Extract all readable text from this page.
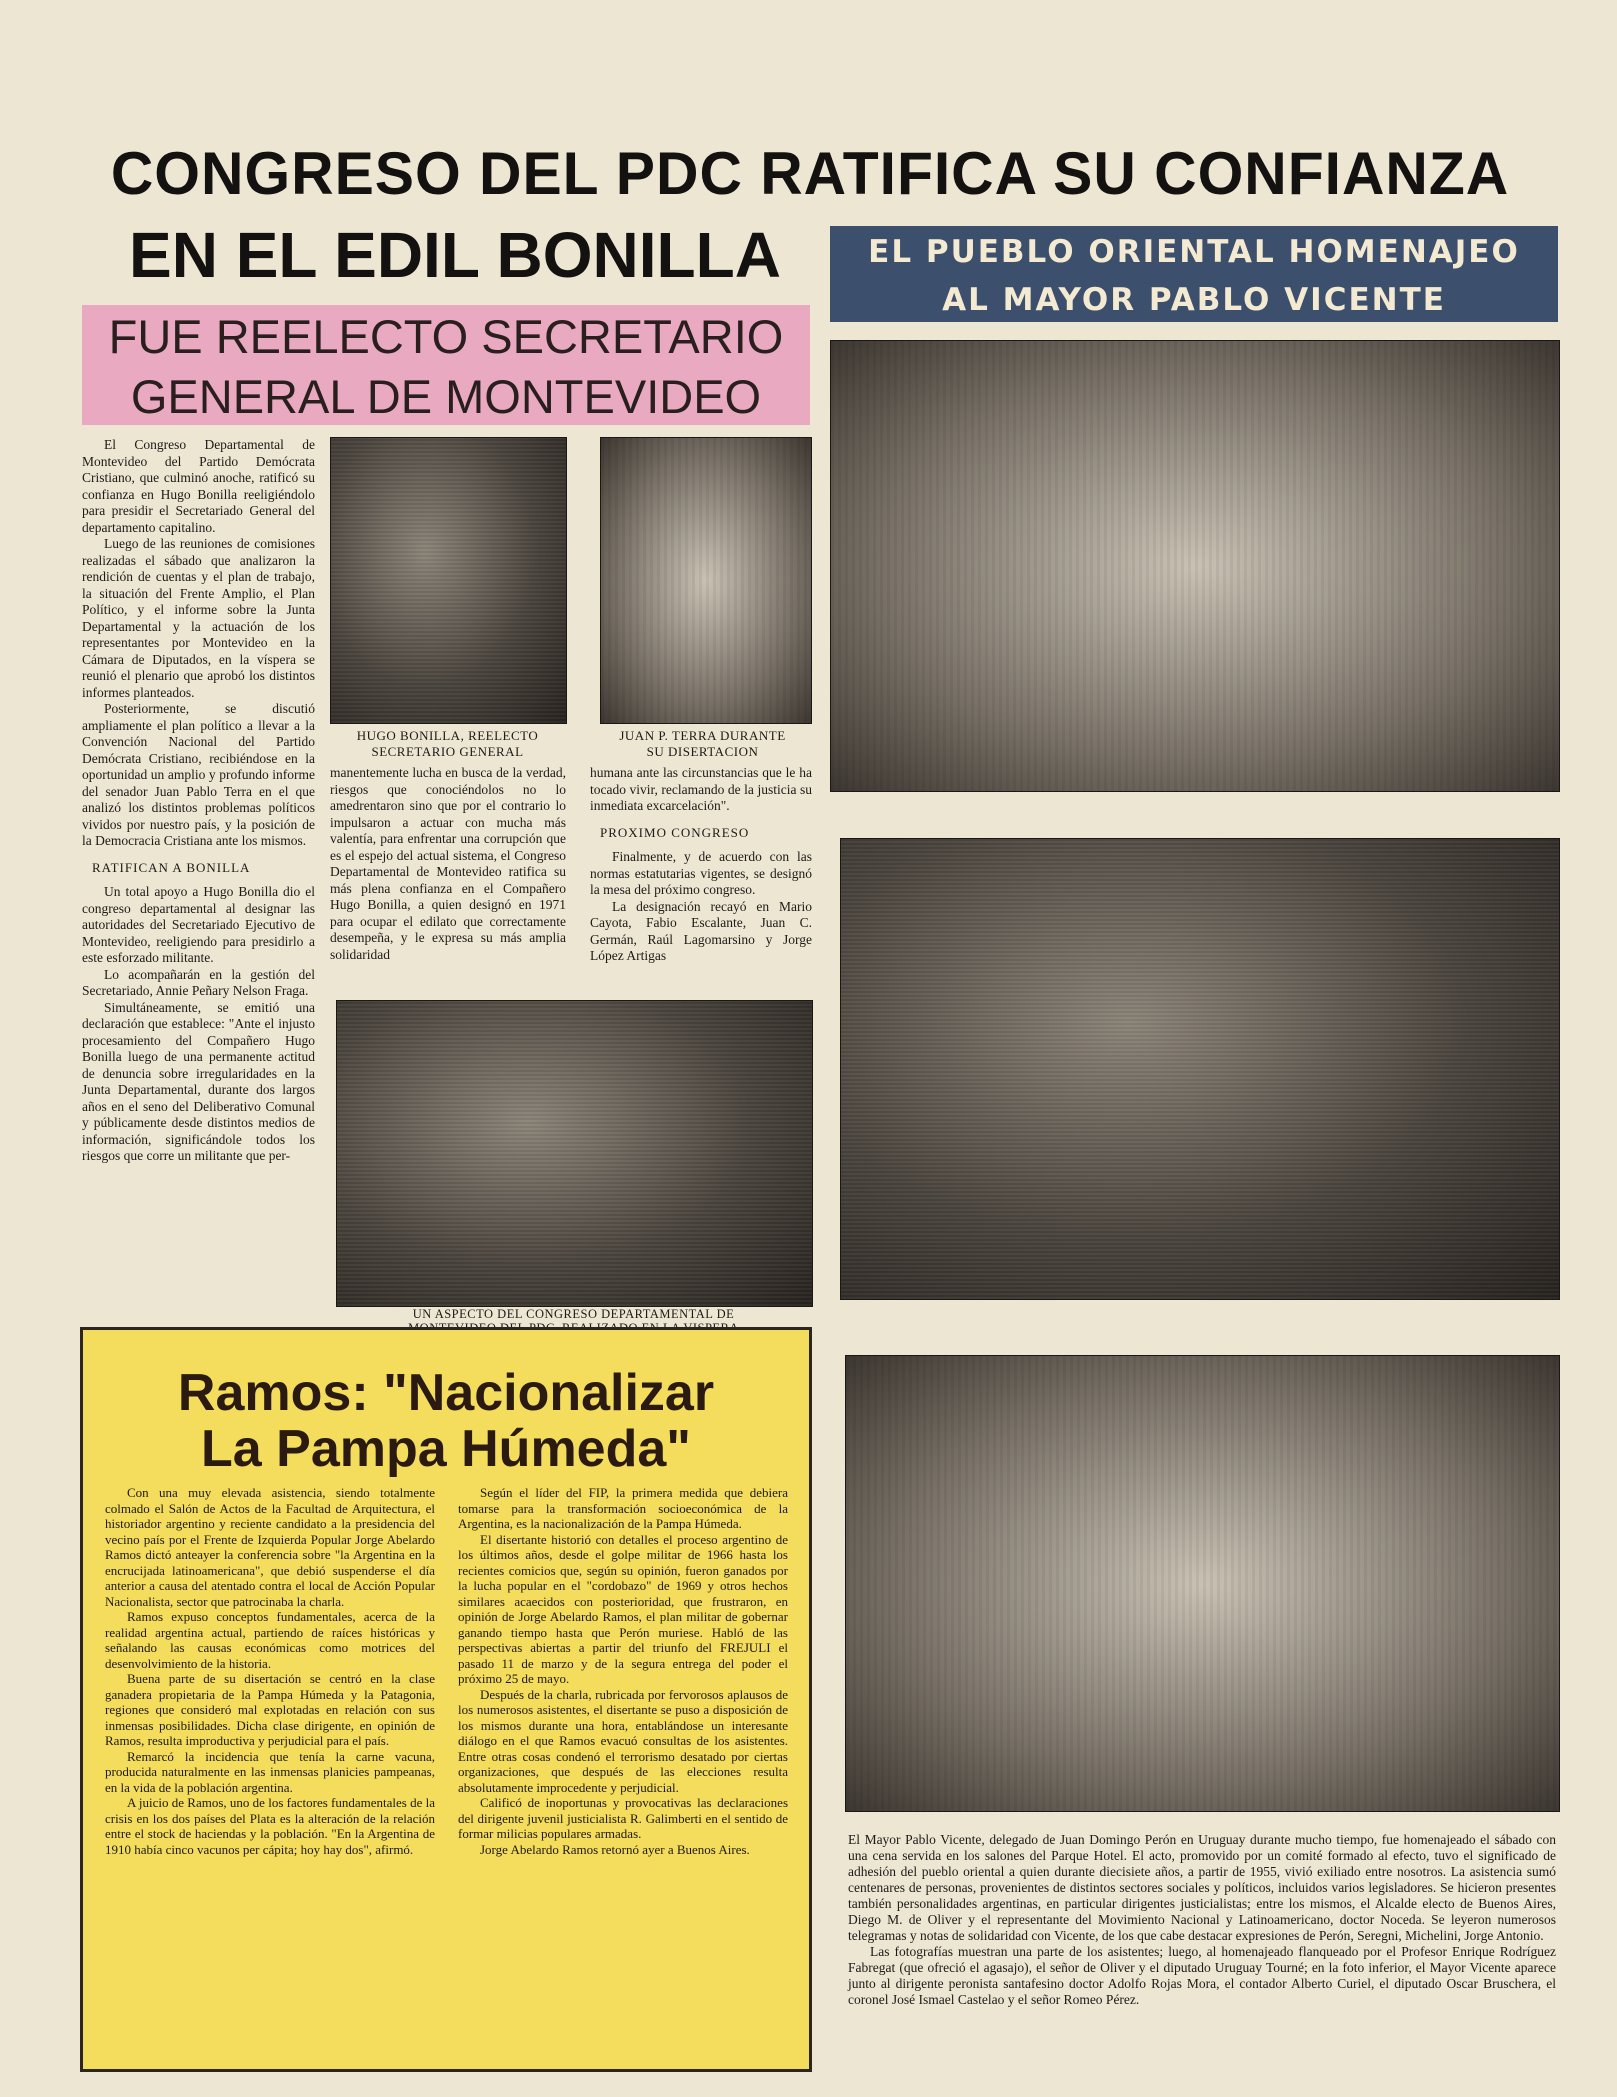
CONGRESO DEL PDC RATIFICA SU CONFIANZA
EN EL EDIL BONILLA
FUE REELECTO SECRETARIO
GENERAL DE MONTEVIDEO
EL PUEBLO ORIENTAL HOMENAJEO
AL MAYOR PABLO VICENTE

El Congreso Departamental de Montevideo del Partido Demócrata Cristiano, que culminó anoche, ratificó su confianza en Hugo Bonilla reeligiéndolo para presidir el Secretariado General del departamento capitalino.

Luego de las reuniones de comisiones realizadas el sábado que analizaron la rendición de cuentas y el plan de trabajo, la situación del Frente Amplio, el Plan Político, y el informe sobre la Junta Departamental y la actuación de los representantes por Montevideo en la Cámara de Diputados, en la víspera se reunió el plenario que aprobó los distintos informes planteados.

Posteriormente, se discutió ampliamente el plan político a llevar a la Convención Nacional del Partido Demócrata Cristiano, recibiéndose en la oportunidad un amplio y profundo informe del senador Juan Pablo Terra en el que analizó los distintos problemas políticos vividos por nuestro país, y la posición de la Democracia Cristiana ante los mismos.

RATIFICAN A BONILLA

Un total apoyo a Hugo Bonilla dio el congreso departamental al designar las autoridades del Secretariado Ejecutivo de Montevideo, reeligiendo para presidirlo a este esforzado militante.

Lo acompañarán en la gestión del Secretariado, Annie Peñary Nelson Fraga.

Simultáneamente, se emitió una declaración que establece: "Ante el injusto procesamiento del Compañero Hugo Bonilla luego de una permanente actitud de denuncia sobre irregularidades en la Junta Departamental, durante dos largos años en el seno del Deliberativo Comunal y públicamente desde distintos medios de información, significándole todos los riesgos que corre un militante que per-

HUGO BONILLA, REELECTO
SECRETARIO GENERAL
JUAN P. TERRA DURANTE
SU DISERTACION

manentemente lucha en busca de la verdad, riesgos que conociéndolos no lo amedrentaron sino que por el contrario lo impulsaron a actuar con mucha más valentía, para enfrentar una corrupción que es el espejo del actual sistema, el Congreso Departamental de Montevideo ratifica su más plena confianza en el Compañero Hugo Bonilla, a quien designó en 1971 para ocupar el edilato que correctamente desempeña, y le expresa su más amplia solidaridad

humana ante las circunstancias que le ha tocado vivir, reclamando de la justicia su inmediata excarcelación".

PROXIMO CONGRESO

Finalmente, y de acuerdo con las normas estatutarias vigentes, se designó la mesa del próximo congreso.

La designación recayó en Mario Cayota, Fabio Escalante, Juan C. Germán, Raúl Lagomarsino y Jorge López Artigas

UN ASPECTO DEL CONGRESO DEPARTAMENTAL DE

El Mayor Pablo Vicente, delegado de Juan Domingo Perón en Uruguay durante mucho tiempo, fue homenajeado el sábado con una cena servida en los salones del Parque Hotel. El acto, promovido por un comité formado al efecto, tuvo el significado de adhesión del pueblo oriental a quien durante diecisiete años, a partir de 1955, vivió exiliado entre nosotros. La asistencia sumó centenares de personas, provenientes de distintos sectores sociales y políticos, incluidos varios legisladores. Se hicieron presentes también personalidades argentinas, en particular dirigentes justicialistas; entre los mismos, el Alcalde electo de Buenos Aires, Diego M. de Oliver y el representante del Movimiento Nacional y Latinoamericano, doctor Noceda. Se leyeron numerosos telegramas y notas de solidaridad con Vicente, de los que cabe destacar expresiones de Perón, Seregni, Michelini, Jorge Antonio.

Las fotografías muestran una parte de los asistentes; luego, al homenajeado flanqueado por el Profesor Enrique Rodríguez Fabregat (que ofreció el agasajo), el señor de Oliver y el diputado Uruguay Tourné; en la foto inferior, el Mayor Vicente aparece junto al dirigente peronista santafesino doctor Adolfo Rojas Mora, el contador Alberto Curiel, el diputado Oscar Bruschera, el coronel José Ismael Castelao y el señor Romeo Pérez.

Ramos: "Nacionalizar
La Pampa Húmeda"

Con una muy elevada asistencia, siendo totalmente colmado el Salón de Actos de la Facultad de Arquitectura, el historiador argentino y reciente candidato a la presidencia del vecino país por el Frente de Izquierda Popular Jorge Abelardo Ramos dictó anteayer la conferencia sobre "la Argentina en la encrucijada latinoamericana", que debió suspenderse el día anterior a causa del atentado contra el local de Acción Popular Nacionalista, sector que patrocinaba la charla.

Ramos expuso conceptos fundamentales, acerca de la realidad argentina actual, partiendo de raíces históricas y señalando las causas económicas como motrices del desenvolvimiento de la historia.

Buena parte de su disertación se centró en la clase ganadera propietaria de la Pampa Húmeda y la Patagonia, regiones que consideró mal explotadas en relación con sus inmensas posibilidades. Dicha clase dirigente, en opinión de Ramos, resulta improductiva y perjudicial para el país.

Remarcó la incidencia que tenía la carne vacuna, producida naturalmente en las inmensas planicies pampeanas, en la vida de la población argentina.

A juicio de Ramos, uno de los factores fundamentales de la crisis en los dos países del Plata es la alteración de la relación entre el stock de haciendas y la población. "En la Argentina de 1910 había cinco vacunos per cápita; hoy hay dos", afirmó.

Según el líder del FIP, la primera medida que debiera tomarse para la transformación socioeconómica de la Argentina, es la nacionalización de la Pampa Húmeda.

El disertante historió con detalles el proceso argentino de los últimos años, desde el golpe militar de 1966 hasta los recientes comicios que, según su opinión, fueron ganados por la lucha popular en el "cordobazo" de 1969 y otros hechos similares acaecidos con posterioridad, que frustraron, en opinión de Jorge Abelardo Ramos, el plan militar de gobernar ganando tiempo hasta que Perón muriese. Habló de las perspectivas abiertas a partir del triunfo del FREJULI el pasado 11 de marzo y de la segura entrega del poder el próximo 25 de mayo.

Después de la charla, rubricada por fervorosos aplausos de los numerosos asistentes, el disertante se puso a disposición de los mismos durante una hora, entablándose un interesante diálogo en el que Ramos evacuó consultas de los asistentes. Entre otras cosas condenó el terrorismo desatado por ciertas organizaciones, que después de las elecciones resulta absolutamente improcedente y perjudicial.

Calificó de inoportunas y provocativas las declaraciones del dirigente juvenil justicialista R. Galimberti en el sentido de formar milicias populares armadas.

Jorge Abelardo Ramos retornó ayer a Buenos Aires.
